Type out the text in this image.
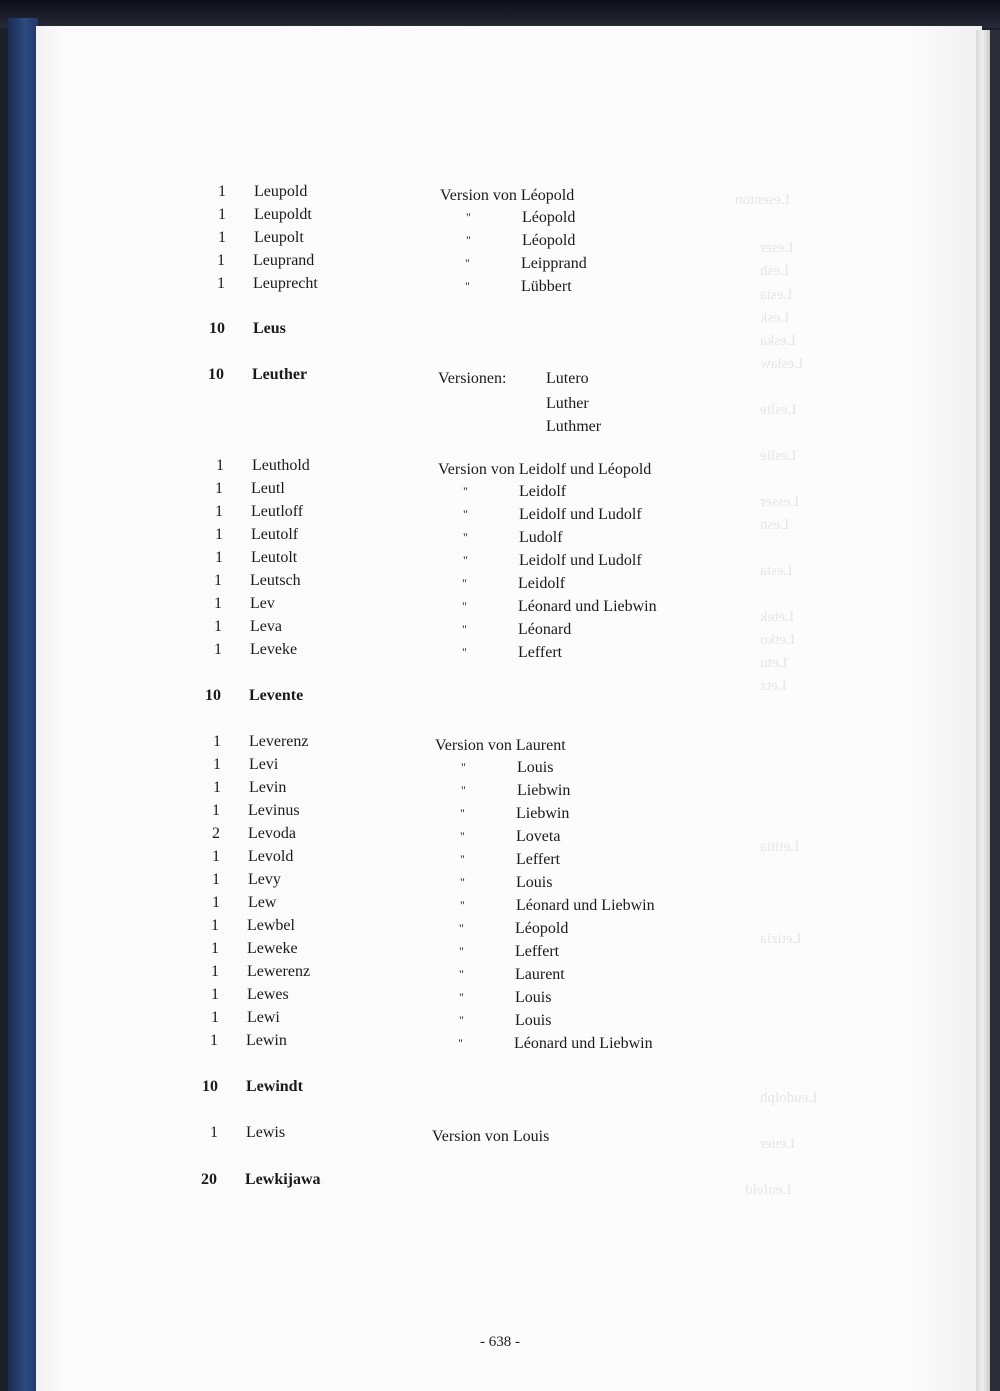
1 Leupold	Version von Léopold
1 Leupoldt	"	Léopold
1 Leupolt	"	Léopold
1 Leuprand	"	Leipprand
1 Leuprecht	"	Lübbert
10 Leus
10 Leuther	Versionen: Lutero
Luther
Luthmer
1 Leuthold	Version von Leidolf und Léopold
1 Leutl	"	Leidolf
1 Leutloff	"	Leidolf und Ludolf
1 Leutolf	"	Ludolf
1 Leutolt	"	Leidolf und Ludolf
1 Leutsch	"	Leidolf
1 Lev	"	Léonard und Liebwin
1 Leva	"	Léonard
1 Leveke	"	Leffert
10 Levente
1 Leverenz	Version von Laurent
1 Levi	"	Louis
1 Levin	"	Liebwin
1 Levinus	"	Liebwin
2 Levoda	"	Loveta
1 Levold	"	Leffert
1 Levy	"	Louis
1 Lew	"	Léonard und Liebwin
1 Lewbel	"	Léopold
1 Leweke	"	Leffert
1 Lewerenz	"	Laurent
1 Lewes	"	Louis
1 Lewi	"	Louis
1 Lewin	"	Léonard und Liebwin
10 Lewindt
1 Lewis	Version von Louis
20 Lewkijawa
- 638 -
